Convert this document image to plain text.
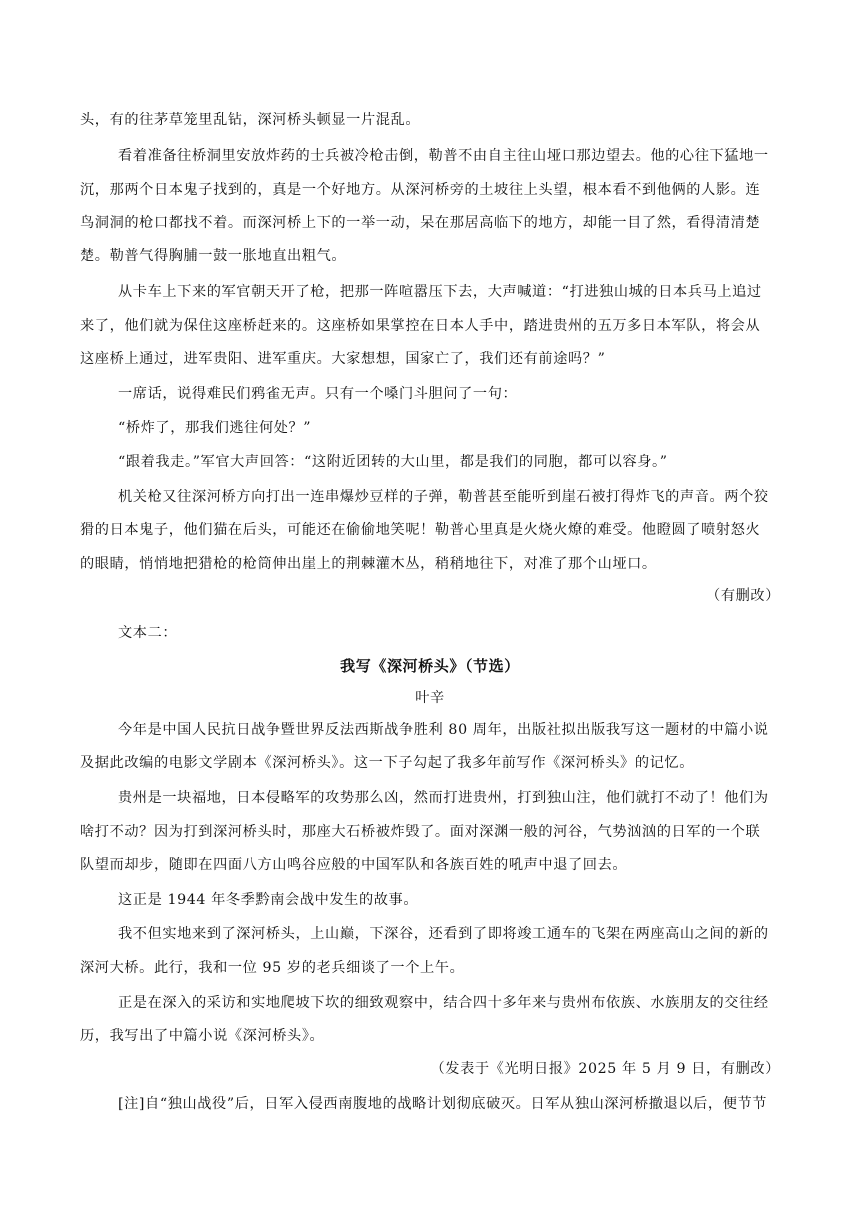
头，有的往茅草笼里乱钻，深河桥头顿显一片混乱。
看着准备往桥洞里安放炸药的士兵被冷枪击倒，勒普不由自主往山垭口那边望去。他的心往下猛地一
沉，那两个日本鬼子找到的，真是一个好地方。从深河桥旁的土坡往上头望，根本看不到他俩的人影。连
鸟洞洞的枪口都找不着。而深河桥上下的一举一动，呆在那居高临下的地方，却能一目了然，看得清清楚
楚。勒普气得胸脯一鼓一胀地直出粗气。
从卡车上下来的军官朝天开了枪，把那一阵喧嚣压下去，大声喊道：“打进独山城的日本兵马上追过
来了，他们就为保住这座桥赶来的。这座桥如果掌控在日本人手中，踏进贵州的五万多日本军队，将会从
这座桥上通过，进军贵阳、进军重庆。大家想想，国家亡了，我们还有前途吗？”
一席话，说得难民们鸦雀无声。只有一个嗓门斗胆问了一句：
“桥炸了，那我们逃往何处？”
“跟着我走。”军官大声回答：“这附近团转的大山里，都是我们的同胞，都可以容身。”
机关枪又往深河桥方向打出一连串爆炒豆样的子弹，勒普甚至能听到崖石被打得炸飞的声音。两个狡
猾的日本鬼子，他们猫在后头，可能还在偷偷地笑呢！勒普心里真是火烧火燎的难受。他瞪圆了喷射怒火
的眼睛，悄悄地把猎枪的枪筒伸出崖上的荆棘灌木丛，稍稍地往下，对准了那个山垭口。
（有删改）
文本二：
我写《深河桥头》（节选）
叶辛
今年是中国人民抗日战争暨世界反法西斯战争胜利 80 周年，出版社拟出版我写这一题材的中篇小说
及据此改编的电影文学剧本《深河桥头》。这一下子勾起了我多年前写作《深河桥头》的记忆。
贵州是一块福地，日本侵略军的攻势那么凶，然而打进贵州，打到独山注，他们就打不动了！他们为
啥打不动？因为打到深河桥头时，那座大石桥被炸毁了。面对深渊一般的河谷，气势汹汹的日军的一个联
队望而却步，随即在四面八方山鸣谷应般的中国军队和各族百姓的吼声中退了回去。
这正是 1944 年冬季黔南会战中发生的故事。
我不但实地来到了深河桥头，上山巅，下深谷，还看到了即将竣工通车的飞架在两座高山之间的新的
深河大桥。此行，我和一位 95 岁的老兵细谈了一个上午。
正是在深入的采访和实地爬坡下坎的细致观察中，结合四十多年来与贵州布依族、水族朋友的交往经
历，我写出了中篇小说《深河桥头》。
（发表于《光明日报》2025 年 5 月 9 日，有删改）
[注]自“独山战役”后，日军入侵西南腹地的战略计划彻底破灭。日军从独山深河桥撤退以后，便节节
